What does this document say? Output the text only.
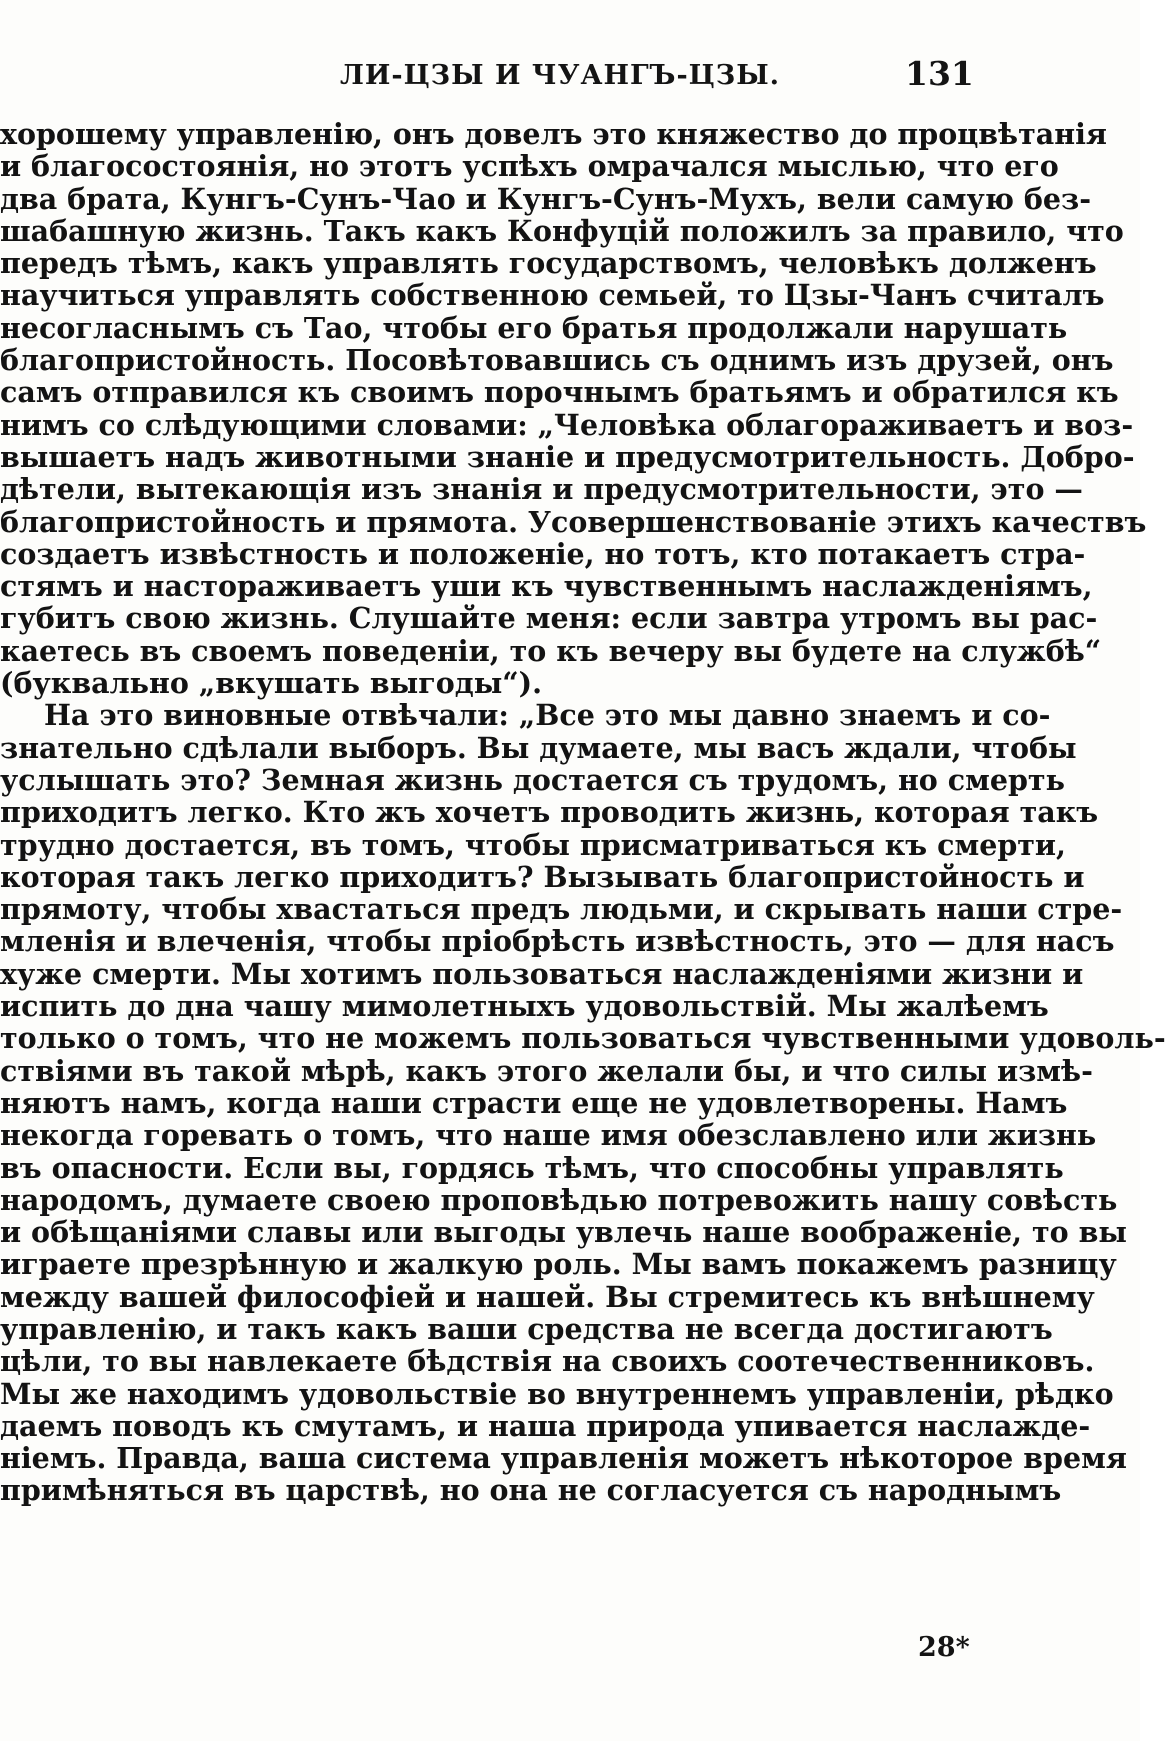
ЛИ-ЦЗЫ И ЧУАНГЪ-ЦЗЫ.	131
хорошему управленію, онъ довелъ это княжество до процвѣтанія
и благосостоянія, но этотъ успѣхъ омрачался мыслью, что его
два брата, Кунгъ-Сунъ-Чао и Кунгъ-Сунъ-Мухъ, вели самую без-
шабашную жизнь. Такъ какъ Конфуцій положилъ за правило, что
передъ тѣмъ, какъ управлять государствомъ, человѣкъ долженъ
научиться управлять собственною семьей, то Цзы-Чанъ считалъ
несогласнымъ съ Тао, чтобы его братья продолжали нарушать
благопристойность. Посовѣтовавшись съ однимъ изъ друзей, онъ
самъ отправился къ своимъ порочнымъ братьямъ и обратился къ
нимъ со слѣдующими словами: „Человѣка облагораживаетъ и воз-
вышаетъ надъ животными знаніе и предусмотрительность. Добро-
дѣтели, вытекающія изъ знанія и предусмотрительности, это —
благопристойность и прямота. Усовершенствованіе этихъ качествъ
создаетъ извѣстность и положеніе, но тотъ, кто потакаетъ стра-
стямъ и настораживаетъ уши къ чувственнымъ наслажденіямъ,
губитъ свою жизнь. Слушайте меня: если завтра утромъ вы рас-
каетесь въ своемъ поведеніи, то къ вечеру вы будете на службѣ“
(буквально „вкушать выгоды“).
На это виновные отвѣчали: „Все это мы давно знаемъ и со-
знательно сдѣлали выборъ. Вы думаете, мы васъ ждали, чтобы
услышать это? Земная жизнь достается съ трудомъ, но смерть
приходитъ легко. Кто жъ хочетъ проводить жизнь, которая такъ
трудно достается, въ томъ, чтобы присматриваться къ смерти,
которая такъ легко приходитъ? Вызывать благопристойность и
прямоту, чтобы хвастаться предъ людьми, и скрывать наши стре-
мленія и влеченія, чтобы пріобрѣсть извѣстность, это — для насъ
хуже смерти. Мы хотимъ пользоваться наслажденіями жизни и
испить до дна чашу мимолетныхъ удовольствій. Мы жалѣемъ
только о томъ, что не можемъ пользоваться чувственными удоволь-
ствіями въ такой мѣрѣ, какъ этого желали бы, и что силы измѣ-
няютъ намъ, когда наши страсти еще не удовлетворены. Намъ
некогда горевать о томъ, что наше имя обезславлено или жизнь
въ опасности. Если вы, гордясь тѣмъ, что способны управлять
народомъ, думаете своею проповѣдью потревожить нашу совѣсть
и обѣщаніями славы или выгоды увлечь наше воображеніе, то вы
играете презрѣнную и жалкую роль. Мы вамъ покажемъ разницу
между вашей философіей и нашей. Вы стремитесь къ внѣшнему
управленію, и такъ какъ ваши средства не всегда достигаютъ
цѣли, то вы навлекаете бѣдствія на своихъ соотечественниковъ.
Мы же находимъ удовольствіе во внутреннемъ управленіи, рѣдко
даемъ поводъ къ смутамъ, и наша природа упивается наслажде-
ніемъ. Правда, ваша система управленія можетъ нѣкоторое время
примѣняться въ царствѣ, но она не согласуется съ народнымъ
28*
